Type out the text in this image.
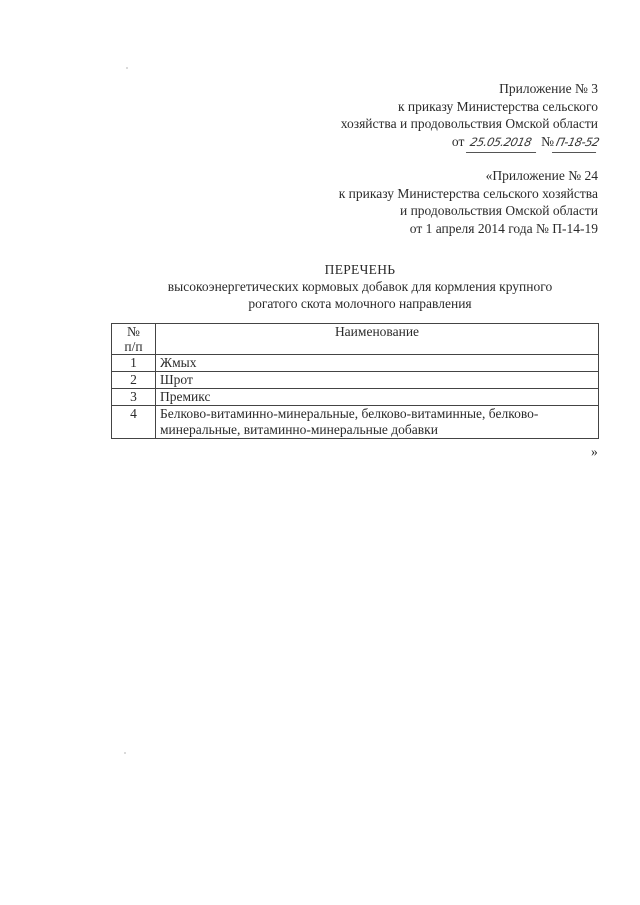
Приложение № 3
к приказу Министерства сельского
хозяйства и продовольствия Омской области
от 25.05.2018 №П-18-52
«Приложение № 24
к приказу Министерства сельского хозяйства
и продовольствия Омской области
от 1 апреля 2014 года № П-14-19
ПЕРЕЧЕНЬ
высокоэнергетических кормовых добавок для кормления крупного
рогатого скота молочного направления
№
п/п	Наименование
1	Жмых
2	Шрот
3	Премикс
4	Белково-витаминно-минеральные, белково-витаминные, белково-минеральные, витаминно-минеральные добавки
»
